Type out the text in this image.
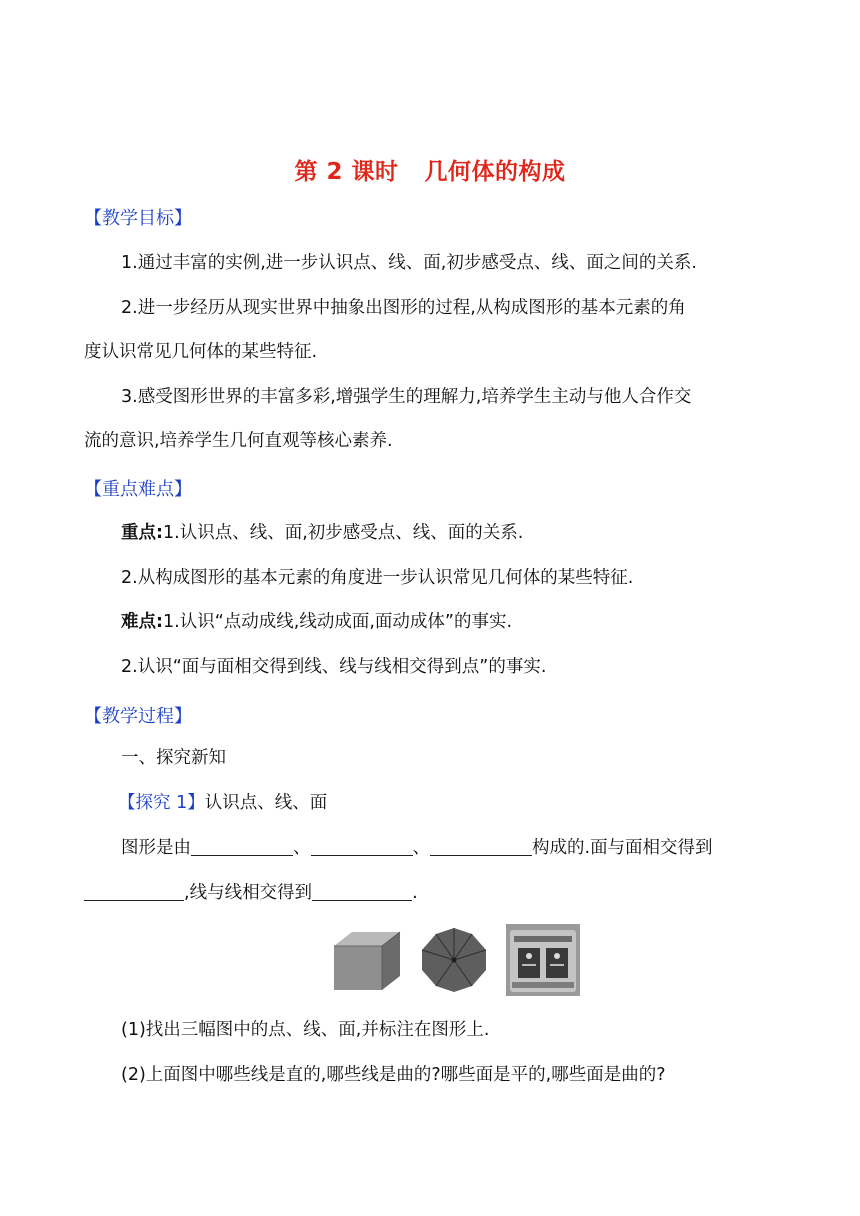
第 2 课时 几何体的构成
【教学目标】
1.通过丰富的实例,进一步认识点、线、面,初步感受点、线、面之间的关系.
2.进一步经历从现实世界中抽象出图形的过程,从构成图形的基本元素的角
度认识常见几何体的某些特征.
3.感受图形世界的丰富多彩,增强学生的理解力,培养学生主动与他人合作交
流的意识,培养学生几何直观等核心素养.
【重点难点】
重点:1.认识点、线、面,初步感受点、线、面的关系.
2.从构成图形的基本元素的角度进一步认识常见几何体的某些特征.
难点:1.认识“点动成线,线动成面,面动成体”的事实.
2.认识“面与面相交得到线、线与线相交得到点”的事实.
【教学过程】
一、探究新知
【探究 1】认识点、线、面
图形是由	、	、	构成的.面与面相交得到
,线与线相交得到	.
(1)找出三幅图中的点、线、面,并标注在图形上.
(2)上面图中哪些线是直的,哪些线是曲的?哪些面是平的,哪些面是曲的?
